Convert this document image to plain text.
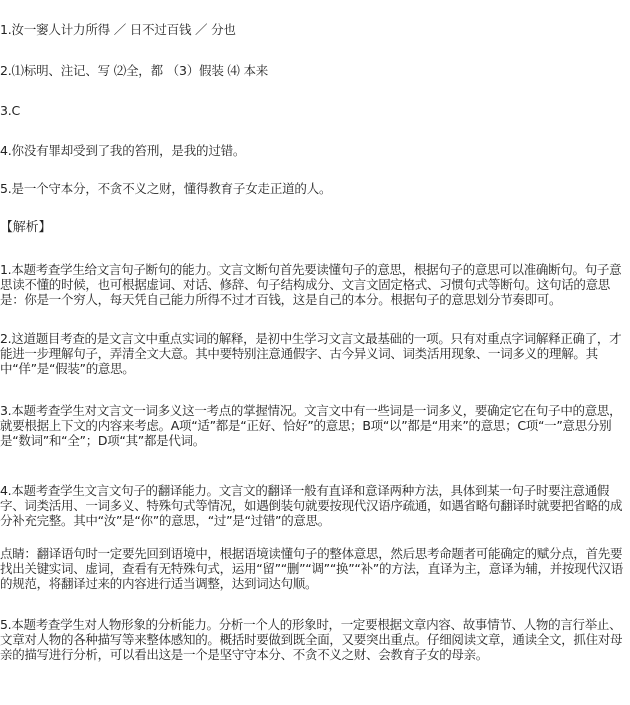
1.汝一窭人计力所得 ／ 日不过百钱 ／ 分也
2.⑴标明、注记、写 ⑵全，都 （3）假装 ⑷ 本来
3.C
4.你没有罪却受到了我的笞刑，是我的过错。
5.是一个守本分，不贪不义之财，懂得教育子女走正道的人。
【解析】
1.本题考查学生给文言句子断句的能力。文言文断句首先要读懂句子的意思，根据句子的意思可以准确断句。句子意思读不懂的时候，也可根据虚词、对话、修辞、句子结构成分、文言文固定格式、习惯句式等断句。这句话的意思是：你是一个穷人，每天凭自己能力所得不过才百钱，这是自己的本分。根据句子的意思划分节奏即可。
2.这道题目考查的是文言文中重点实词的解释，是初中生学习文言文最基础的一项。只有对重点字词解释正确了，才能进一步理解句子，弄清全文大意。其中要特别注意通假字、古今异义词、词类活用现象、一词多义的理解。其中“佯”是“假装”的意思。
3.本题考查学生对文言文一词多义这一考点的掌握情况。文言文中有一些词是一词多义，要确定它在句子中的意思，就要根据上下文的内容来考虑。A项“适”都是“正好、恰好”的意思；B项“以”都是“用来”的意思；C项“一”意思分别是“数词”和“全”；D项“其”都是代词。
4.本题考查学生文言文句子的翻译能力。文言文的翻译一般有直译和意译两种方法，具体到某一句子时要注意通假字、词类活用、一词多义、特殊句式等情况，如遇倒装句就要按现代汉语序疏通，如遇省略句翻译时就要把省略的成分补充完整。其中“汝”是“你”的意思，“过”是“过错”的意思。
点睛：翻译语句时一定要先回到语境中，根据语境读懂句子的整体意思，然后思考命题者可能确定的赋分点，首先要找出关键实词、虚词，查看有无特殊句式，运用“留”“删”“调”“换”“补”的方法，直译为主，意译为辅，并按现代汉语的规范，将翻译过来的内容进行适当调整，达到词达句顺。
5.本题考查学生对人物形象的分析能力。分析一个人的形象时，一定要根据文章内容、故事情节、人物的言行举止、文章对人物的各种描写等来整体感知的。概括时要做到既全面，又要突出重点。仔细阅读文章，通读全文，抓住对母亲的描写进行分析，可以看出这是一个是坚守守本分、不贪不义之财、会教育子女的母亲。
